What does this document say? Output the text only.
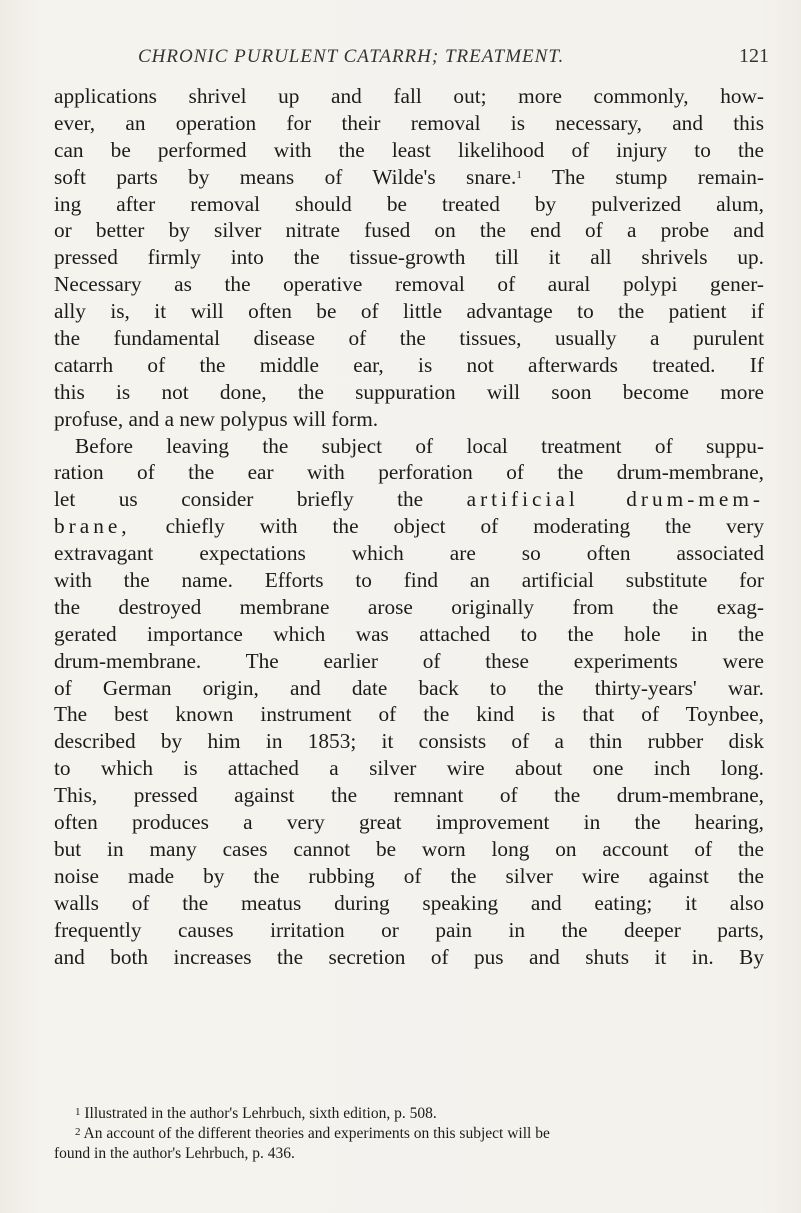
CHRONIC PURULENT CATARRH; TREATMENT.	121
applications shrivel up and fall out; more commonly, how-
ever, an operation for their removal is necessary, and this
can be performed with the least likelihood of injury to the
soft parts by means of Wilde's snare.$^1$ The stump remain-
ing after removal should be treated by pulverized alum,
or better by silver nitrate fused on the end of a probe and
pressed firmly into the tissue-growth till it all shrivels up.
Necessary as the operative removal of aural polypi gener-
ally is, it will often be of little advantage to the patient if
the fundamental disease of the tissues, usually a purulent
catarrh of the middle ear, is not afterwards treated. If
this is not done, the suppuration will soon become more
profuse, and a new polypus will form.
Before leaving the subject of local treatment of suppu-
ration of the ear with perforation of the drum-membrane,
let us consider briefly the artificial drum-mem-
brane, chiefly with the object of moderating the very
extravagant expectations which are so often associated
with the name. Efforts to find an artificial substitute for
the destroyed membrane arose originally from the exag-
gerated importance which was attached to the hole in the
drum-membrane. The earlier of these experiments were
of German origin, and date back to the thirty-years' war.
The best known instrument of the kind is that of Toynbee,
described by him in 1853; it consists of a thin rubber disk
to which is attached a silver wire about one inch long.
This, pressed against the remnant of the drum-membrane,
often produces a very great improvement in the hearing,
but in many cases cannot be worn long on account of the
noise made by the rubbing of the silver wire against the
walls of the meatus during speaking and eating; it also
frequently causes irritation or pain in the deeper parts,
and both increases the secretion of pus and shuts it in. By
$^1$ Illustrated in the author's Lehrbuch, sixth edition, p. 508.
$^2$ An account of the different theories and experiments on this subject will be
found in the author's Lehrbuch, p. 436.
